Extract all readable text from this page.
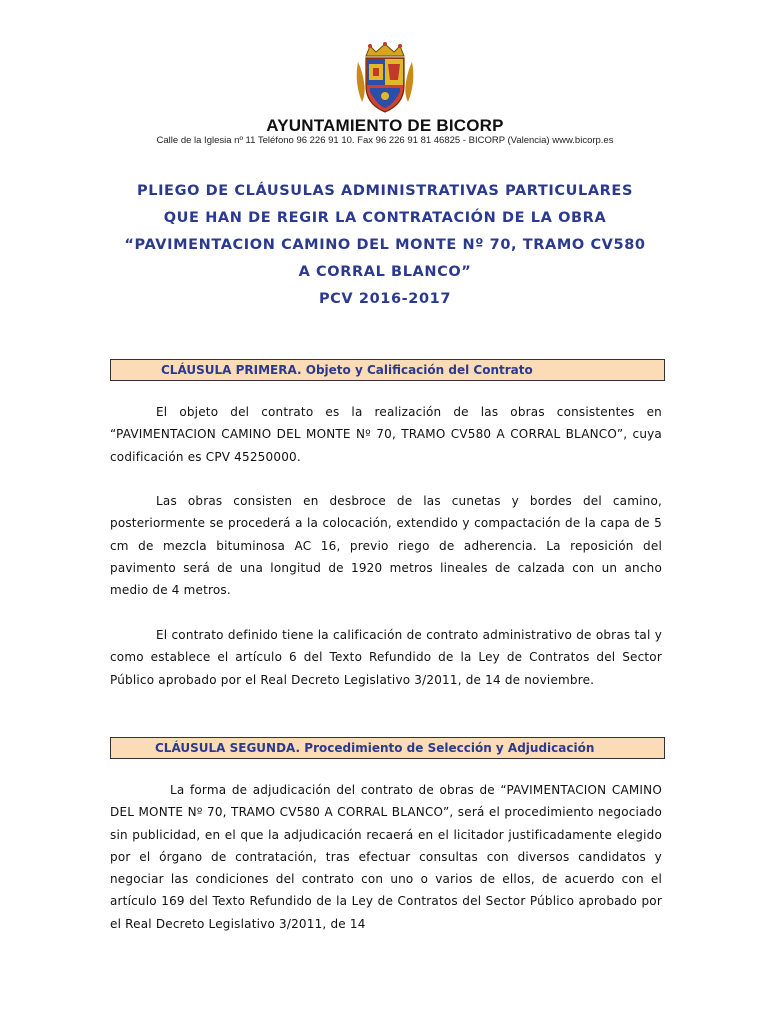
AYUNTAMIENTO DE BICORP
Calle de la Iglesia nº 11 Teléfono 96 226 91 10. Fax 96 226 91 81 46825 - BICORP (Valencia) www.bicorp.es
PLIEGO DE CLÁUSULAS ADMINISTRATIVAS PARTICULARES
QUE HAN DE REGIR LA CONTRATACIÓN DE LA OBRA
“PAVIMENTACION CAMINO DEL MONTE Nº 70, TRAMO CV580
A CORRAL BLANCO”
PCV 2016-2017
CLÁUSULA PRIMERA. Objeto y Calificación del Contrato

El objeto del contrato es la realización de las obras consistentes en “PAVIMENTACION CAMINO DEL MONTE Nº 70, TRAMO CV580 A CORRAL BLANCO”, cuya codificación es CPV 45250000.

Las obras consisten en desbroce de las cunetas y bordes del camino, posteriormente se procederá a la colocación, extendido y compactación de la capa de 5 cm de mezcla bituminosa AC 16, previo riego de adherencia. La reposición del pavimento será de una longitud de 1920 metros lineales de calzada con un ancho medio de 4 metros.

El contrato definido tiene la calificación de contrato administrativo de obras tal y como establece el artículo 6 del Texto Refundido de la Ley de Contratos del Sector Público aprobado por el Real Decreto Legislativo 3/2011, de 14 de noviembre.

CLÁUSULA SEGUNDA. Procedimiento de Selección y Adjudicación

La forma de adjudicación del contrato de obras de “PAVIMENTACION CAMINO DEL MONTE Nº 70, TRAMO CV580 A CORRAL BLANCO”, será el procedimiento negociado sin publicidad, en el que la adjudicación recaerá en el licitador justificadamente elegido por el órgano de contratación, tras efectuar consultas con diversos candidatos y negociar las condiciones del contrato con uno o varios de ellos, de acuerdo con el artículo 169 del Texto Refundido de la Ley de Contratos del Sector Público aprobado por el Real Decreto Legislativo 3/2011, de 14
